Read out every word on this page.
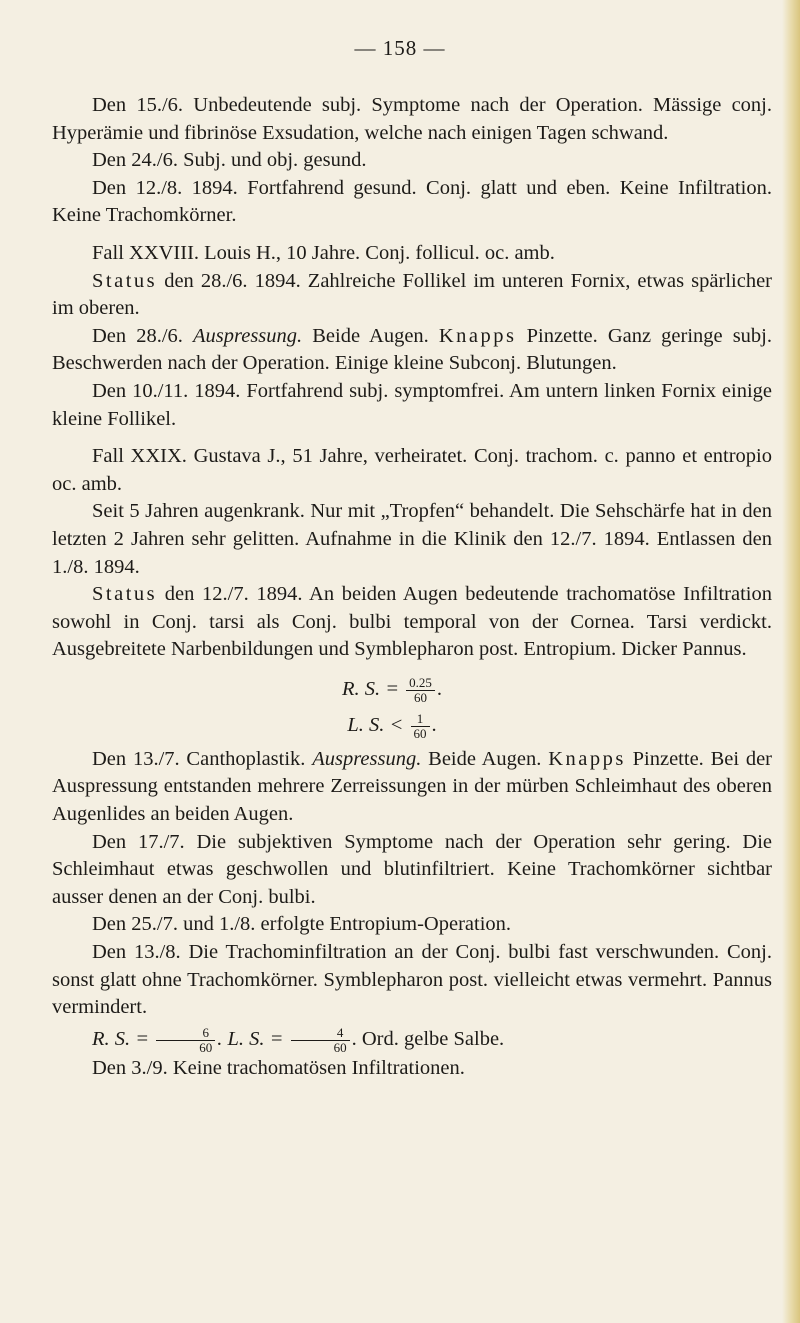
— 158 —

Den 15./6. Unbedeutende subj. Symptome nach der Operation. Mässige conj. Hyperämie und fibrinöse Exsudation, welche nach einigen Tagen schwand.

Den 24./6. Subj. und obj. gesund.

Den 12./8. 1894. Fortfahrend gesund. Conj. glatt und eben. Keine Infiltration. Keine Trachomkörner.

Fall XXVIII. Louis H., 10 Jahre. Conj. follicul. oc. amb.

Status den 28./6. 1894. Zahlreiche Follikel im unteren Fornix, etwas spärlicher im oberen.

Den 28./6. Auspressung. Beide Augen. Knapps Pinzette. Ganz geringe subj. Beschwerden nach der Operation. Einige kleine Subconj. Blutungen.

Den 10./11. 1894. Fortfahrend subj. symptomfrei. Am untern linken Fornix einige kleine Follikel.

Fall XXIX. Gustava J., 51 Jahre, verheiratet. Conj. trachom. c. panno et entropio oc. amb.

Seit 5 Jahren augenkrank. Nur mit „Tropfen“ behandelt. Die Sehschärfe hat in den letzten 2 Jahren sehr gelitten. Aufnahme in die Klinik den 12./7. 1894. Entlassen den 1./8. 1894.

Status den 12./7. 1894. An beiden Augen bedeutende trachomatöse Infiltration sowohl in Conj. tarsi als Conj. bulbi temporal von der Cornea. Tarsi verdickt. Ausgebreitete Narbenbildungen und Symblepharon post. Entropium. Dicker Pannus.

R. S. = $\frac{0.25}{60}$ .
L. S. < $\frac{1}{60}$ .

Den 13./7. Canthoplastik. Auspressung. Beide Augen. Knapps Pinzette. Bei der Auspressung entstanden mehrere Zerreissungen in der mürben Schleimhaut des oberen Augenlides an beiden Augen.

Den 17./7. Die subjektiven Symptome nach der Operation sehr gering. Die Schleimhaut etwas geschwollen und blutinfiltriert. Keine Trachomkörner sichtbar ausser denen an der Conj. bulbi.

Den 25./7. und 1./8. erfolgte Entropium-Operation.

Den 13./8. Die Trachominfiltration an der Conj. bulbi fast verschwunden. Conj. sonst glatt ohne Trachomkörner. Symblepharon post. vielleicht etwas vermehrt. Pannus vermindert.

R. S. = $\frac{6}{60}$ . L. S. = $\frac{4}{60}$ . Ord. gelbe Salbe.

Den 3./9. Keine trachomatösen Infiltrationen.
